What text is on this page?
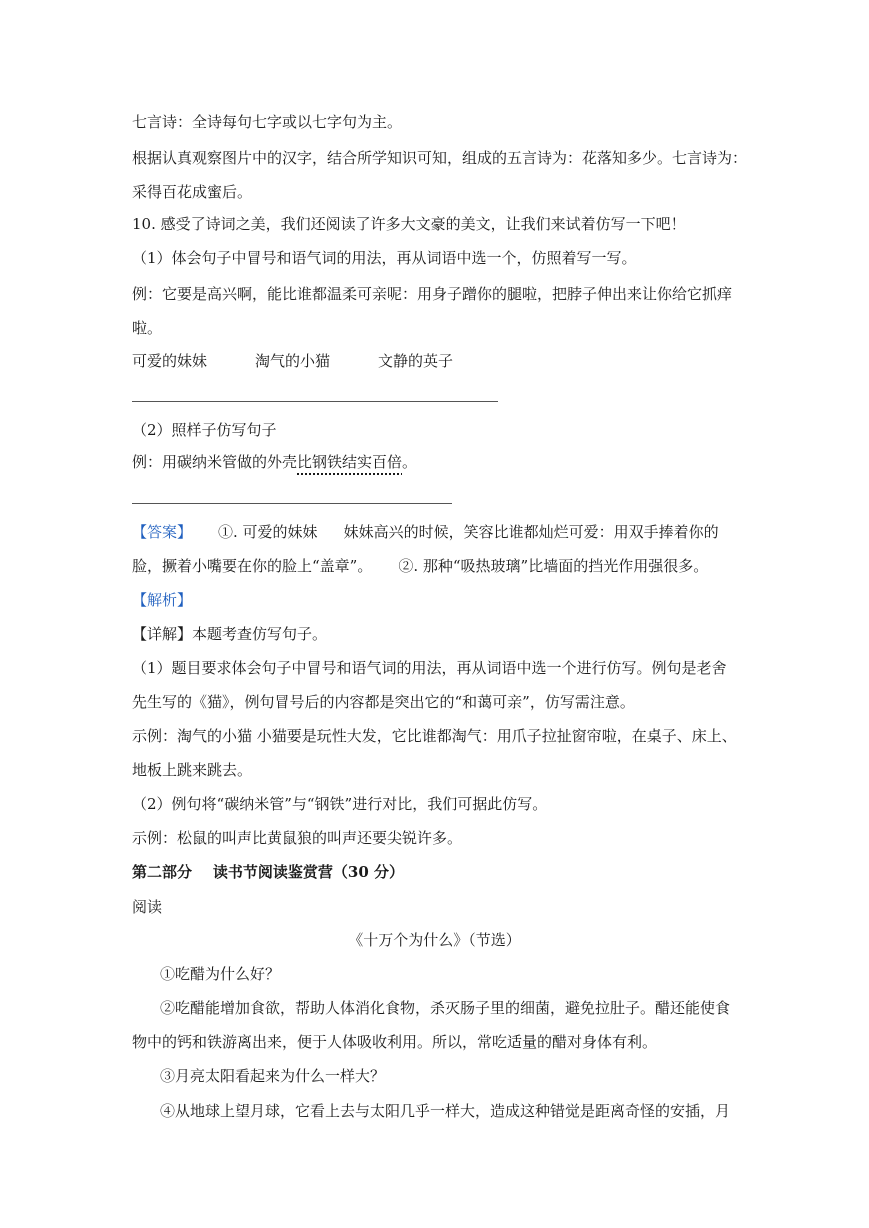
七言诗：全诗每句七字或以七字句为主。
根据认真观察图片中的汉字，结合所学知识可知，组成的五言诗为：花落知多少。七言诗为：
采得百花成蜜后。
10. 感受了诗词之美，我们还阅读了许多大文豪的美文，让我们来试着仿写一下吧！
（1）体会句子中冒号和语气词的用法，再从词语中选一个，仿照着写一写。
例：它要是高兴啊，能比谁都温柔可亲呢：用身子蹭你的腿啦，把脖子伸出来让你给它抓痒
啦。
可爱的妹妹	淘气的小猫	文静的英子
（2）照样子仿写句子
例：用碳纳米管做的外壳比钢铁结实百倍。
【答案】 ①. 可爱的妹妹 妹妹高兴的时候，笑容比谁都灿烂可爱：用双手捧着你的
脸，撅着小嘴要在你的脸上“盖章”。 ②. 那种“吸热玻璃”比墙面的挡光作用强很多。
【解析】
【详解】本题考查仿写句子。
（1）题目要求体会句子中冒号和语气词的用法，再从词语中选一个进行仿写。例句是老舍
先生写的《猫》，例句冒号后的内容都是突出它的“和蔼可亲”，仿写需注意。
示例：淘气的小猫 小猫要是玩性大发，它比谁都淘气：用爪子拉扯窗帘啦，在桌子、床上、
地板上跳来跳去。
（2）例句将“碳纳米管”与“钢铁”进行对比，我们可据此仿写。
示例：松鼠的叫声比黄鼠狼的叫声还要尖锐许多。
第二部分    读书节阅读鉴赏营（30 分）
阅读
《十万个为什么》（节选）
①吃醋为什么好？
②吃醋能增加食欲，帮助人体消化食物，杀灭肠子里的细菌，避免拉肚子。醋还能使食
物中的钙和铁游离出来，便于人体吸收利用。所以，常吃适量的醋对身体有利。
③月亮太阳看起来为什么一样大？
④从地球上望月球，它看上去与太阳几乎一样大，造成这种错觉是距离奇怪的安插，月
